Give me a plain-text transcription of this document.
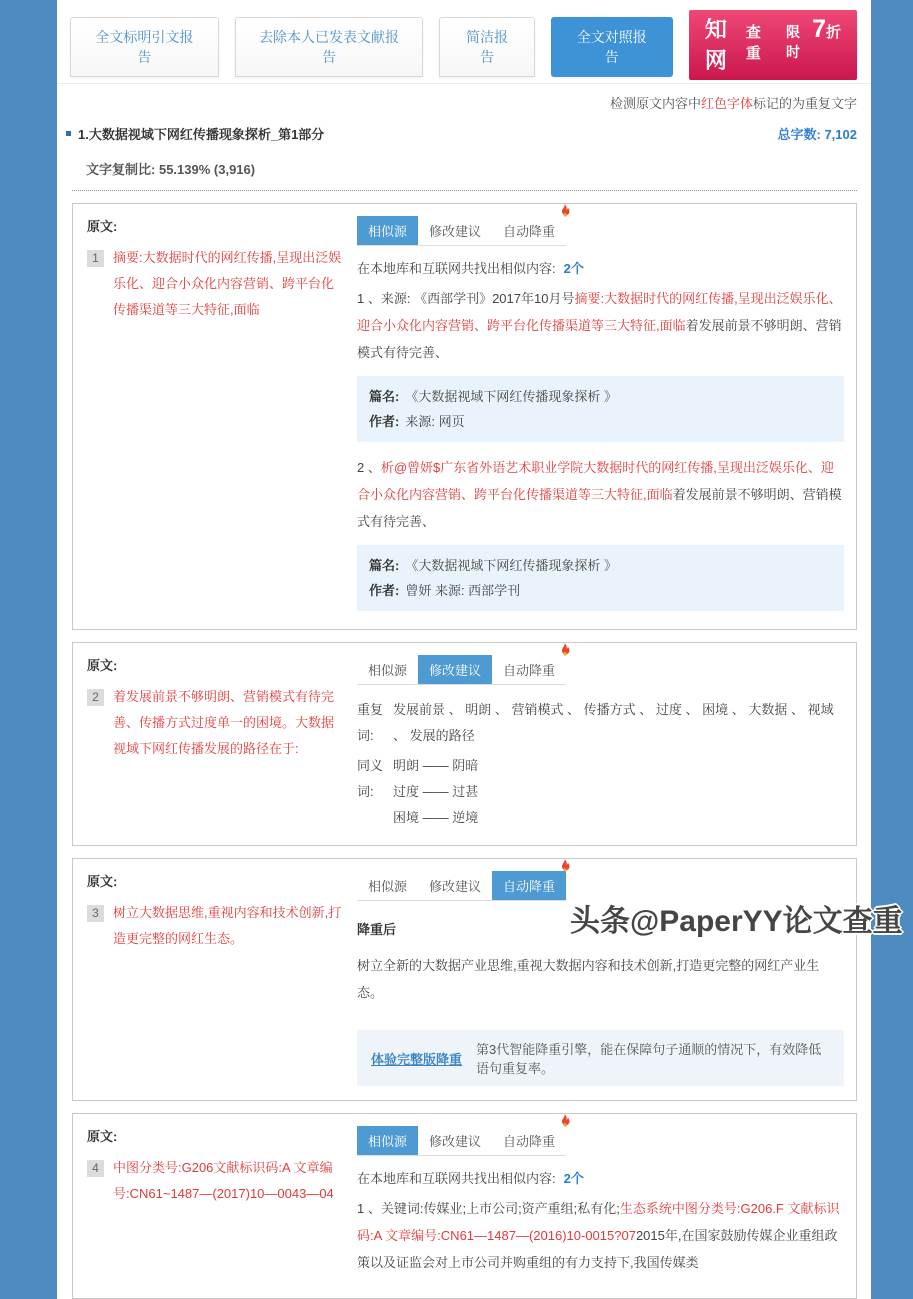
全文标明引文报告
去除本人已发表文献报告
简洁报告
全文对照报告
知网
查重
限时
7 折
检测原文内容中红色字体标记的为重复文字
1.大数据视域下网红传播现象探析_第1部分	总字数: 7,102
文字复制比: 55.139% (3,916)
原文:
1	摘要:大数据时代的网红传播,呈现出泛娱乐化、迎合小众化内容营销、跨平台化传播渠道等三大特征,面临
相似源	修改建议	自动降重
在本地库和互联网共找出相似内容: 2个
1 、来源: 《西部学刊》2017年10月号摘要:大数据时代的网红传播,呈现出泛娱乐化、迎合小众化内容营销、跨平台化传播渠道等三大特征,面临着发展前景不够明朗、营销模式有待完善、
篇名: 《大数据视域下网红传播现象探析 》
作者: 来源: 网页
2 、析@曾妍$广东省外语艺术职业学院大数据时代的网红传播,呈现出泛娱乐化、迎合小众化内容营销、跨平台化传播渠道等三大特征,面临着发展前景不够明朗、营销模式有待完善、
篇名: 《大数据视域下网红传播现象探析 》
作者: 曾妍 来源: 西部学刊
原文:
2	着发展前景不够明朗、营销模式有待完善、传播方式过度单一的困境。大数据视域下网红传播发展的路径在于:
相似源	修改建议	自动降重
重复词:
发展前景 、 明朗 、 营销模式 、 传播方式 、 过度 、 困境 、 大数据 、 视域 、 发展的路径
同义词:
明朗 —— 阴暗
过度 —— 过甚
困境 —— 逆境
原文:
3	树立大数据思维,重视内容和技术创新,打造更完整的网红生态。
相似源	修改建议	自动降重
降重后
树立全新的大数据产业思维,重视大数据内容和技术创新,打造更完整的网红产业生态。
体验完整版降重
第3代智能降重引擎，能在保障句子通顺的情况下，有效降低语句重复率。
原文:
4	中图分类号:G206文献标识码:A 文章编号:CN61~1487—(2017)10—0043—04
相似源	修改建议	自动降重
在本地库和互联网共找出相似内容: 2个
1 、关键词:传媒业;上市公司;资产重组;私有化;生态系统中图分类号:G206.F 文献标识码:A 文章编号:CN61—1487—(2016)10-0015?072015年,在国家鼓励传媒企业重组政策以及证监会对上市公司并购重组的有力支持下,我国传媒类
头条@PaperYY论文查重
